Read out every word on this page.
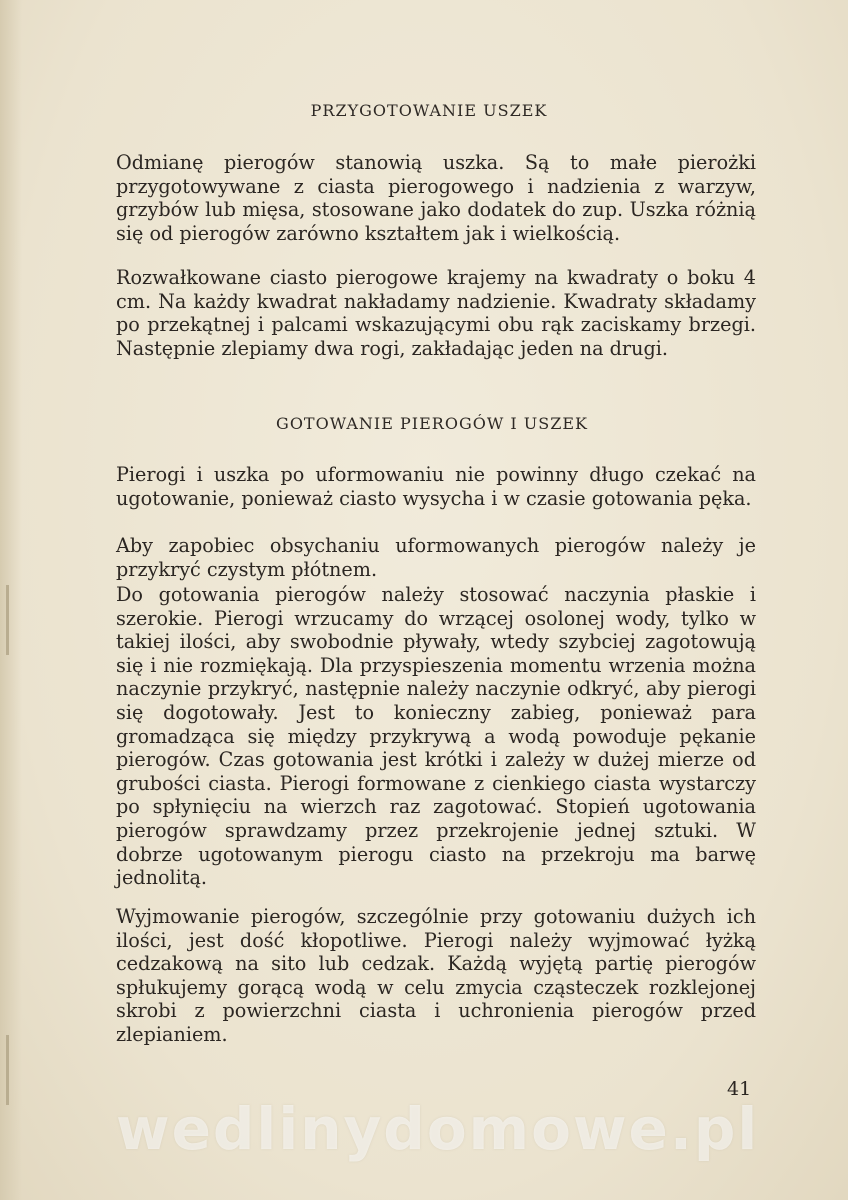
PRZYGOTOWANIE USZEK

Odmianę pierogów stanowią uszka. Są to małe pierożki przygotowywane z ciasta pierogowego i nadzienia z warzyw, grzybów lub mięsa, stosowane jako dodatek do zup. Uszka różnią się od pierogów zarówno kształtem jak i wielkością.

Rozwałkowane ciasto pierogowe krajemy na kwadraty o boku 4 cm. Na każdy kwadrat nakładamy nadzienie. Kwadraty składamy po przekątnej i palcami wskazującymi obu rąk zaciskamy brzegi. Następnie zlepiamy dwa rogi, zakładając jeden na drugi.

GOTOWANIE PIEROGÓW I USZEK

Pierogi i uszka po uformowaniu nie powinny długo czekać na ugotowanie, ponieważ ciasto wysycha i w czasie gotowania pęka.

Aby zapobiec obsychaniu uformowanych pierogów należy je przykryć czystym płótnem.

Do gotowania pierogów należy stosować naczynia płaskie i szerokie. Pierogi wrzucamy do wrzącej osolonej wody, tylko w takiej ilości, aby swobodnie pływały, wtedy szybciej zagotowują się i nie rozmiękają. Dla przyspieszenia momentu wrzenia można naczynie przykryć, następnie należy naczynie odkryć, aby pierogi się dogotowały. Jest to konieczny zabieg, ponieważ para gromadząca się między przykrywą a wodą powoduje pękanie pierogów. Czas gotowania jest krótki i zależy w dużej mierze od grubości ciasta. Pierogi formowane z cienkiego ciasta wystarczy po spłynięciu na wierzch raz zagotować. Stopień ugotowania pierogów sprawdzamy przez przekrojenie jednej sztuki. W dobrze ugotowanym pierogu ciasto na przekroju ma barwę jednolitą.

Wyjmowanie pierogów, szczególnie przy gotowaniu dużych ich ilości, jest dość kłopotliwe. Pierogi należy wyjmować łyżką cedzakową na sito lub cedzak. Każdą wyjętą partię pierogów spłukujemy gorącą wodą w celu zmycia cząsteczek rozklejonej skrobi z powierzchni ciasta i uchronienia pierogów przed zlepianiem.

wedlinydomowe.pl
41
